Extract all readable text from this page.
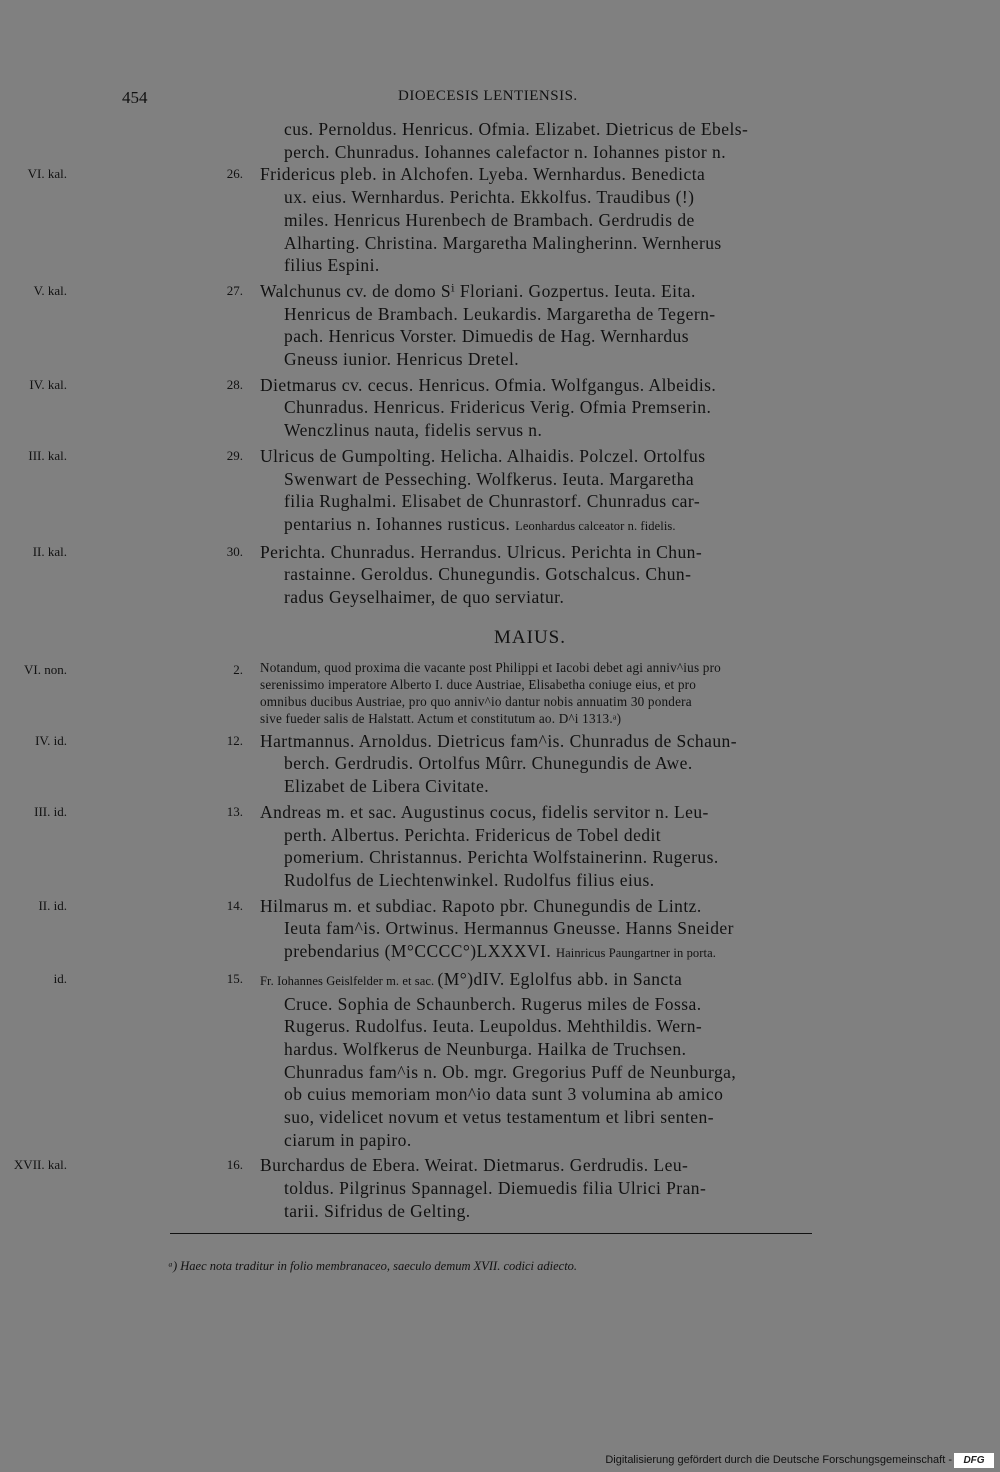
454	DIOECESIS LENTIENSIS.
cus. Pernoldus. Henricus. Ofmia. Elizabet. Dietricus de Ebels-
perch. Chunradus. Iohannes calefactor n. Iohannes pistor n.
VI. kal.	26. Fridericus pleb. in Alchofen. Lyeba. Wernhardus. Benedicta
ux. eius. Wernhardus. Perichta. Ekkolfus. Traudibus (!)
miles. Henricus Hurenbech de Brambach. Gerdrudis de
Alharting. Christina. Margaretha Malingherinn. Wernherus
filius Espini.
V. kal.	27. Walchunus cv. de domo Sⁱ Floriani. Gozpertus. Ieuta. Eita.
Henricus de Brambach. Leukardis. Margaretha de Tegern-
pach. Henricus Vorster. Dimuedis de Hag. Wernhardus
Gneuss iunior. Henricus Dretel.
IV. kal.	28. Dietmarus cv. cecus. Henricus. Ofmia. Wolfgangus. Albeidis.
Chunradus. Henricus. Fridericus Verig. Ofmia Premserin.
Wenczlinus nauta, fidelis servus n.
III. kal.	29. Ulricus de Gumpolting. Helicha. Alhaidis. Polczel. Ortolfus
Swenwart de Pesseching. Wolfkerus. Ieuta. Margaretha
filia Rughalmi. Elisabet de Chunrastorf. Chunradus car-
pentarius n. Iohannes rusticus. Leonhardus calceator n. fidelis.
II. kal.	30. Perichta. Chunradus. Herrandus. Ulricus. Perichta in Chun-
rastainne. Geroldus. Chunegundis. Gotschalcus. Chun-
radus Geyselhaimer, de quo serviatur.
MAIUS.
VI. non.	2. Notandum, quod proxima die vacante post Philippi et Iacobi debet agi anniv^ius pro
serenissimo imperatore Alberto I. duce Austriae, Elisabetha coniuge eius, et pro
omnibus ducibus Austriae, pro quo anniv^io dantur nobis annuatim 30 pondera
sive fueder salis de Halstatt. Actum et constitutum ao. D^i 1313.ᵃ)
IV. id.	12. Hartmannus. Arnoldus. Dietricus fam^is. Chunradus de Schaun-
berch. Gerdrudis. Ortolfus Mûrr. Chunegundis de Awe.
Elizabet de Libera Civitate.
III. id.	13. Andreas m. et sac. Augustinus cocus, fidelis servitor n. Leu-
perth. Albertus. Perichta. Fridericus de Tobel dedit
pomerium. Christannus. Perichta Wolfstainerinn. Rugerus.
Rudolfus de Liechtenwinkel. Rudolfus filius eius.
II. id.	14. Hilmarus m. et subdiac. Rapoto pbr. Chunegundis de Lintz.
Ieuta fam^is. Ortwinus. Hermannus Gneusse. Hanns Sneider
prebendarius (M°CCCC°)LXXXVI. Hainricus Paungartner in porta.
id.	15. Fr. Iohannes Geislfelder m. et sac. (M°)dIV. Eglolfus abb. in Sancta
Cruce. Sophia de Schaunberch. Rugerus miles de Fossa.
Rugerus. Rudolfus. Ieuta. Leupoldus. Mehthildis. Wern-
hardus. Wolfkerus de Neunburga. Hailka de Truchsen.
Chunradus fam^is n. Ob. mgr. Gregorius Puff de Neunburga,
ob cuius memoriam mon^io data sunt 3 volumina ab amico
suo, videlicet novum et vetus testamentum et libri senten-
ciarum in papiro.
XVII. kal.	16. Burchardus de Ebera. Weirat. Dietmarus. Gerdrudis. Leu-
toldus. Pilgrinus Spannagel. Diemuedis filia Ulrici Pran-
tarii. Sifridus de Gelting.
ᵃ) Haec nota traditur in folio membranaceo, saeculo demum XVII. codici adiecto.
Digitalisierung gefördert durch die Deutsche Forschungsgemeinschaft -	DFG
